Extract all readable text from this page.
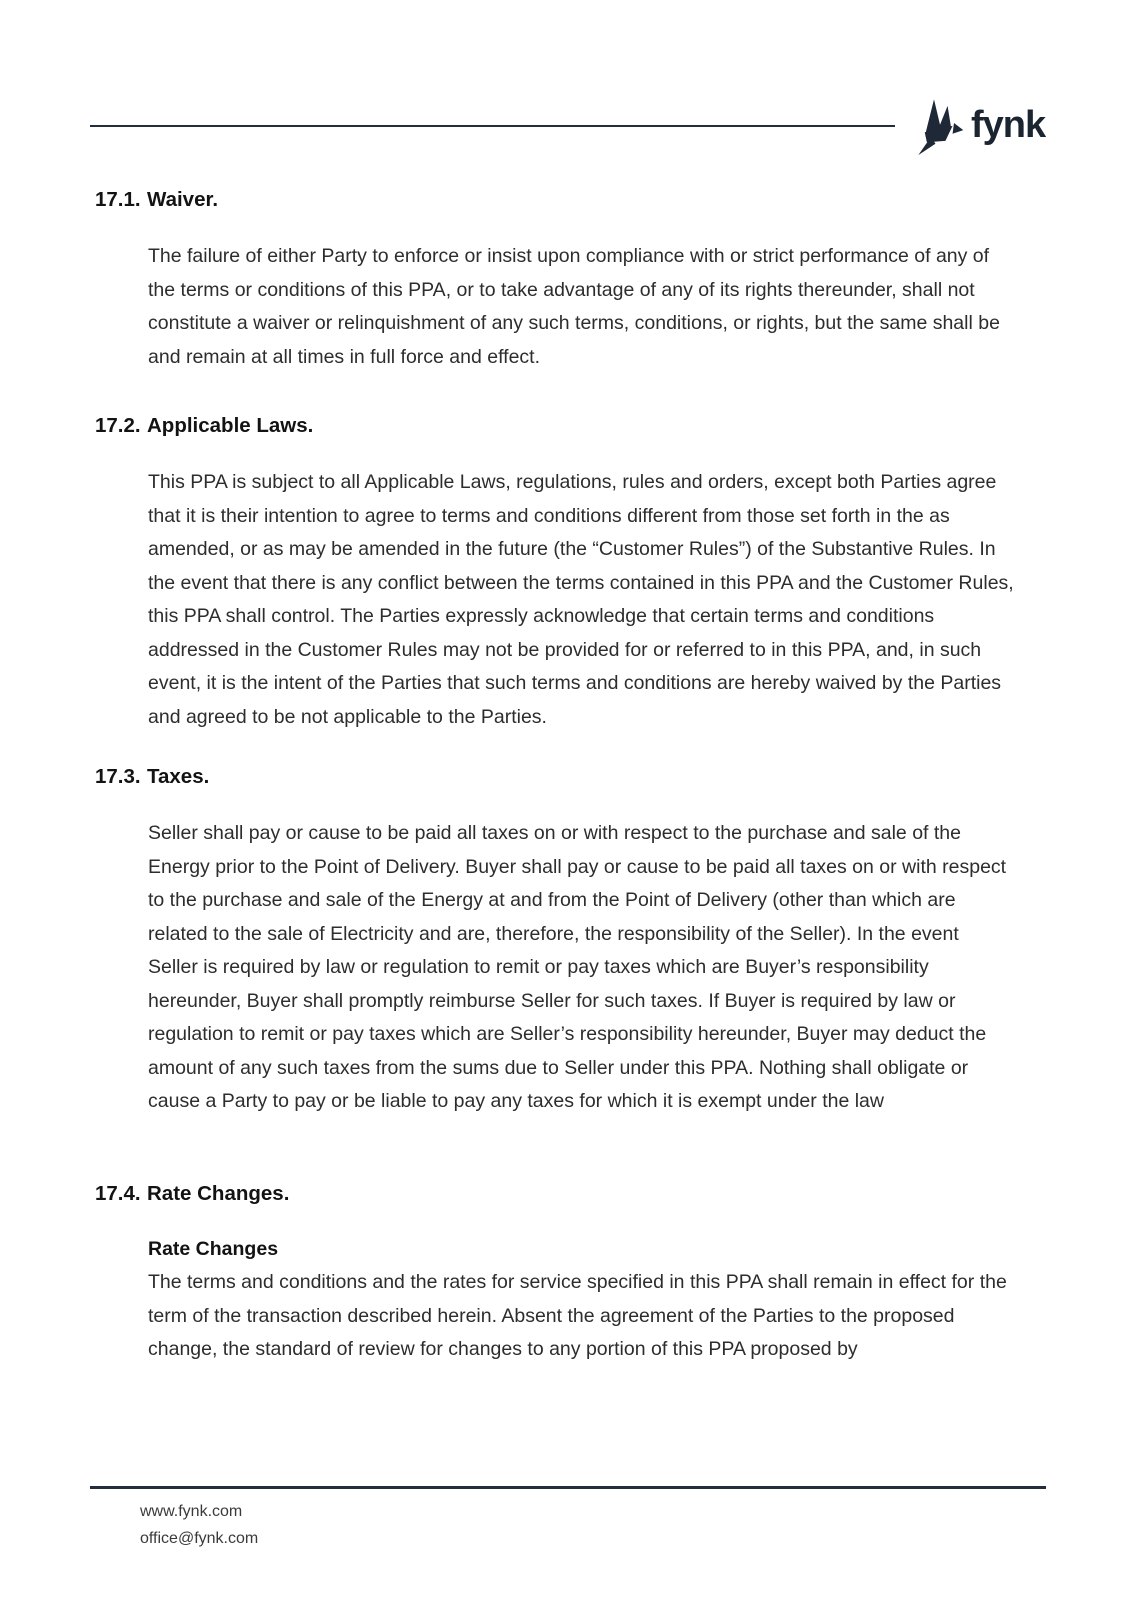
fynk
17.1. Waiver.

The failure of either Party to enforce or insist upon compliance with or strict performance of any of the terms or conditions of this PPA, or to take advantage of any of its rights thereunder, shall not constitute a waiver or relinquishment of any such terms, conditions, or rights, but the same shall be and remain at all times in full force and effect.

17.2. Applicable Laws.

This PPA is subject to all Applicable Laws, regulations, rules and orders, except both Parties agree that it is their intention to agree to terms and conditions different from those set forth in the as amended, or as may be amended in the future (the “Customer Rules”) of the Substantive Rules. In the event that there is any conflict between the terms contained in this PPA and the Customer Rules, this PPA shall control. The Parties expressly acknowledge that certain terms and conditions addressed in the Customer Rules may not be provided for or referred to in this PPA, and, in such event, it is the intent of the Parties that such terms and conditions are hereby waived by the Parties and agreed to be not applicable to the Parties.

17.3. Taxes.

Seller shall pay or cause to be paid all taxes on or with respect to the purchase and sale of the Energy prior to the Point of Delivery. Buyer shall pay or cause to be paid all taxes on or with respect to the purchase and sale of the Energy at and from the Point of Delivery (other than which are related to the sale of Electricity and are, therefore, the responsibility of the Seller). In the event Seller is required by law or regulation to remit or pay taxes which are Buyer’s responsibility hereunder, Buyer shall promptly reimburse Seller for such taxes. If Buyer is required by law or regulation to remit or pay taxes which are Seller’s responsibility hereunder, Buyer may deduct the amount of any such taxes from the sums due to Seller under this PPA. Nothing shall obligate or cause a Party to pay or be liable to pay any taxes for which it is exempt under the law

17.4. Rate Changes.
Rate Changes

The terms and conditions and the rates for service specified in this PPA shall remain in effect for the term of the transaction described herein. Absent the agreement of the Parties to the proposed change, the standard of review for changes to any portion of this PPA proposed by

www.fynk.com
office@fynk.com
